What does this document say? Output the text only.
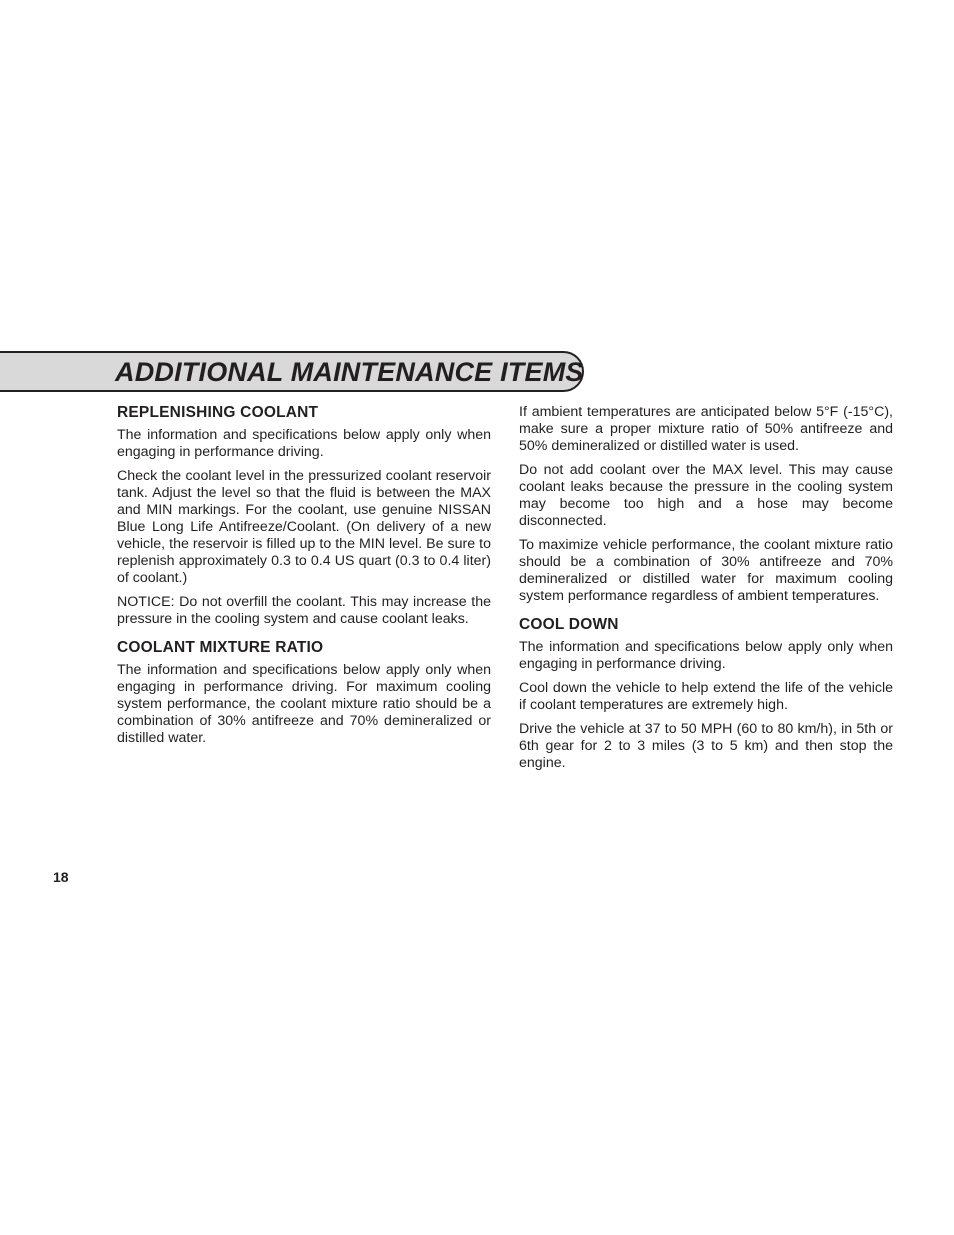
ADDITIONAL MAINTENANCE ITEMS
REPLENISHING COOLANT

The information and specifications below apply only when engaging in performance driving.

Check the coolant level in the pressurized coolant reservoir tank. Adjust the level so that the fluid is between the MAX and MIN markings. For the coolant, use genuine NISSAN Blue Long Life Antifreeze/Coolant. (On delivery of a new vehicle, the reservoir is filled up to the MIN level. Be sure to replenish approximately 0.3 to 0.4 US quart (0.3 to 0.4 liter) of coolant.)

NOTICE: Do not overfill the coolant. This may increase the pressure in the cooling system and cause coolant leaks.

COOLANT MIXTURE RATIO

The information and specifications below apply only when engaging in performance driving. For maximum cooling system performance, the coolant mixture ratio should be a combination of 30% antifreeze and 70% demineralized or distilled water.

If ambient temperatures are anticipated below 5°F (-15°C), make sure a proper mixture ratio of 50% antifreeze and 50% demineralized or distilled water is used.

Do not add coolant over the MAX level. This may cause coolant leaks because the pressure in the cooling system may become too high and a hose may become disconnected.

To maximize vehicle performance, the coolant mixture ratio should be a combination of 30% antifreeze and 70% demineralized or distilled water for maximum cooling system performance regardless of ambient temperatures.

COOL DOWN

The information and specifications below apply only when engaging in performance driving.

Cool down the vehicle to help extend the life of the vehicle if coolant temperatures are extremely high.

Drive the vehicle at 37 to 50 MPH (60 to 80 km/h), in 5th or 6th gear for 2 to 3 miles (3 to 5 km) and then stop the engine.

18
